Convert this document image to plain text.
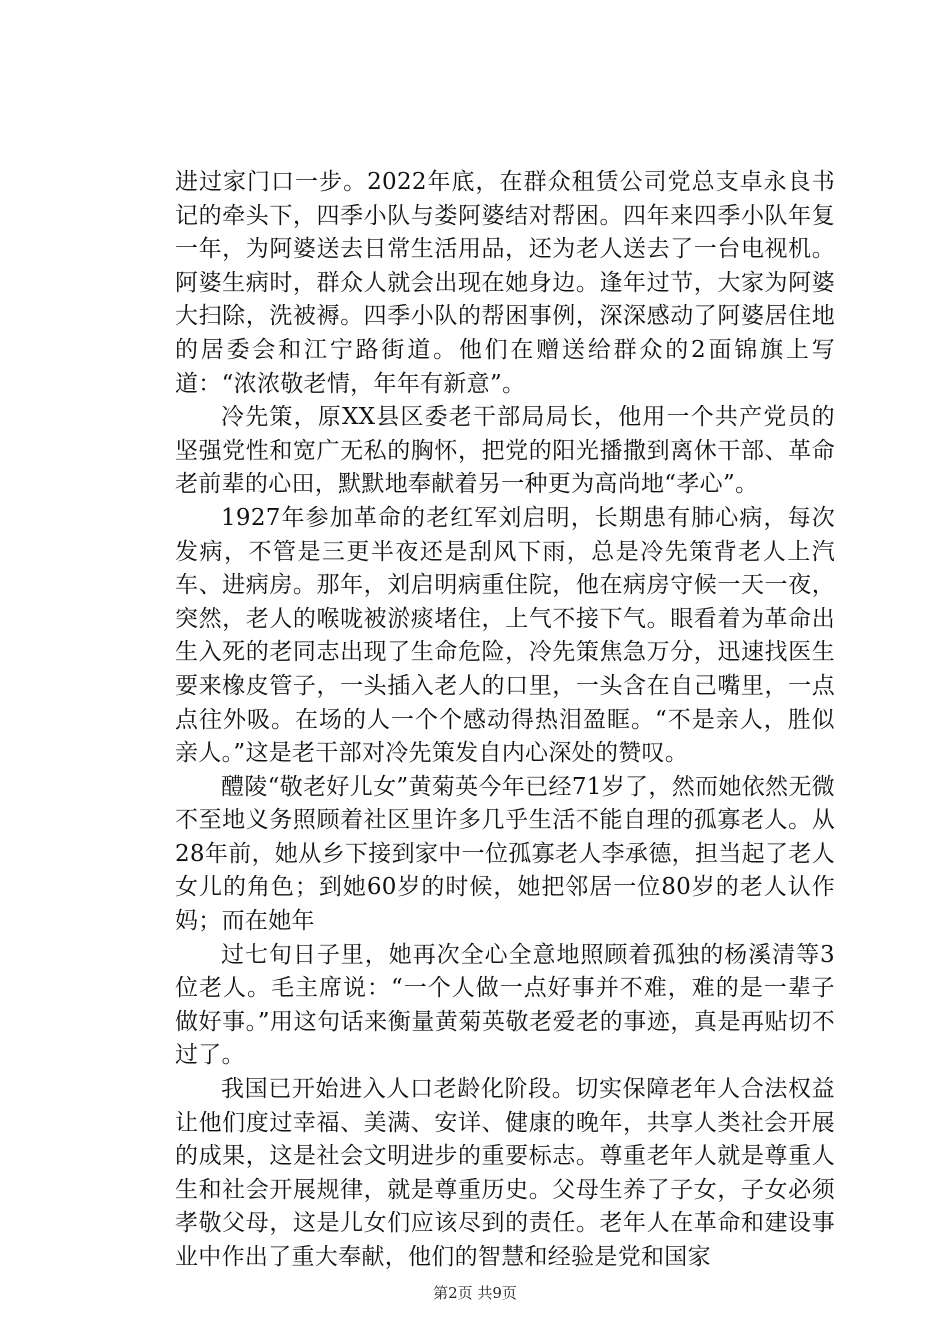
进过家门口一步。2022年底，在群众租赁公司党总支卓永良书记的牵头下，四季小队与娄阿婆结对帮困。四年来四季小队年复一年，为阿婆送去日常生活用品，还为老人送去了一台电视机。阿婆生病时，群众人就会出现在她身边。逢年过节，大家为阿婆大扫除，洗被褥。四季小队的帮困事例，深深感动了阿婆居住地的居委会和江宁路街道。他们在赠送给群众的2面锦旗上写道：“浓浓敬老情，年年有新意”。

冷先策，原XX县区委老干部局局长，他用一个共产党员的坚强党性和宽广无私的胸怀，把党的阳光播撒到离休干部、革命老前辈的心田，默默地奉献着另一种更为高尚地“孝心”。

1927年参加革命的老红军刘启明，长期患有肺心病，每次发病，不管是三更半夜还是刮风下雨，总是冷先策背老人上汽车、进病房。那年，刘启明病重住院，他在病房守候一天一夜，突然，老人的喉咙被淤痰堵住，上气不接下气。眼看着为革命出生入死的老同志出现了生命危险，冷先策焦急万分，迅速找医生要来橡皮管子，一头插入老人的口里，一头含在自己嘴里，一点点往外吸。在场的人一个个感动得热泪盈眶。“不是亲人，胜似亲人。”这是老干部对冷先策发自内心深处的赞叹。

醴陵“敬老好儿女”黄菊英今年已经71岁了，然而她依然无微不至地义务照顾着社区里许多几乎生活不能自理的孤寡老人。从28年前，她从乡下接到家中一位孤寡老人李承德，担当起了老人女儿的角色；到她60岁的时候，她把邻居一位80岁的老人认作妈；而在她年

过七旬日子里，她再次全心全意地照顾着孤独的杨溪清等3位老人。毛主席说：“一个人做一点好事并不难，难的是一辈子做好事。”用这句话来衡量黄菊英敬老爱老的事迹，真是再贴切不过了。

我国已开始进入人口老龄化阶段。切实保障老年人合法权益让他们度过幸福、美满、安详、健康的晚年，共享人类社会开展的成果，这是社会文明进步的重要标志。尊重老年人就是尊重人生和社会开展规律，就是尊重历史。父母生养了子女，子女必须孝敬父母，这是儿女们应该尽到的责任。老年人在革命和建设事业中作出了重大奉献，他们的智慧和经验是党和国家

第2页 共9页
